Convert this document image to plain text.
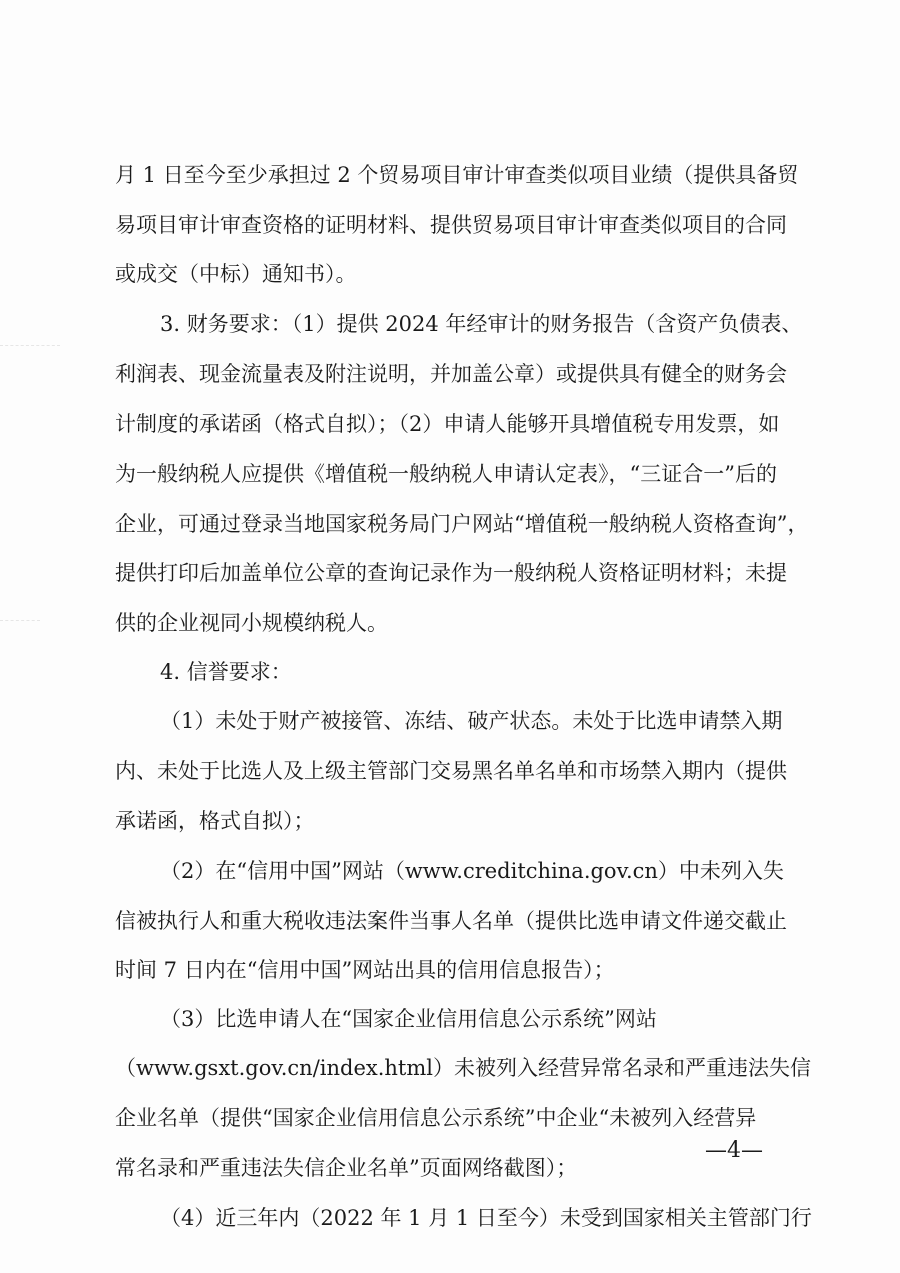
月 1 日至今至少承担过 2 个贸易项目审计审查类似项目业绩（提供具备贸
易项目审计审查资格的证明材料、提供贸易项目审计审查类似项目的合同
或成交（中标）通知书）。
3. 财务要求：（1）提供 2024 年经审计的财务报告（含资产负债表、
利润表、现金流量表及附注说明，并加盖公章）或提供具有健全的财务会
计制度的承诺函（格式自拟）；（2）申请人能够开具增值税专用发票，如
为一般纳税人应提供《增值税一般纳税人申请认定表》，“三证合一”后的
企业，可通过登录当地国家税务局门户网站“增值税一般纳税人资格查询”，
提供打印后加盖单位公章的查询记录作为一般纳税人资格证明材料；未提
供的企业视同小规模纳税人。
4. 信誉要求：
（1）未处于财产被接管、冻结、破产状态。未处于比选申请禁入期
内、未处于比选人及上级主管部门交易黑名单名单和市场禁入期内（提供
承诺函，格式自拟）；
（2）在“信用中国”网站（www.creditchina.gov.cn）中未列入失
信被执行人和重大税收违法案件当事人名单（提供比选申请文件递交截止
时间 7 日内在“信用中国”网站出具的信用信息报告）；
（3）比选申请人在“国家企业信用信息公示系统”网站
（www.gsxt.gov.cn/index.html）未被列入经营异常名录和严重违法失信
企业名单（提供“国家企业信用信息公示系统”中企业“未被列入经营异
常名录和严重违法失信企业名单”页面网络截图）；
（4）近三年内（2022 年 1 月 1 日至今）未受到国家相关主管部门行
—4—
